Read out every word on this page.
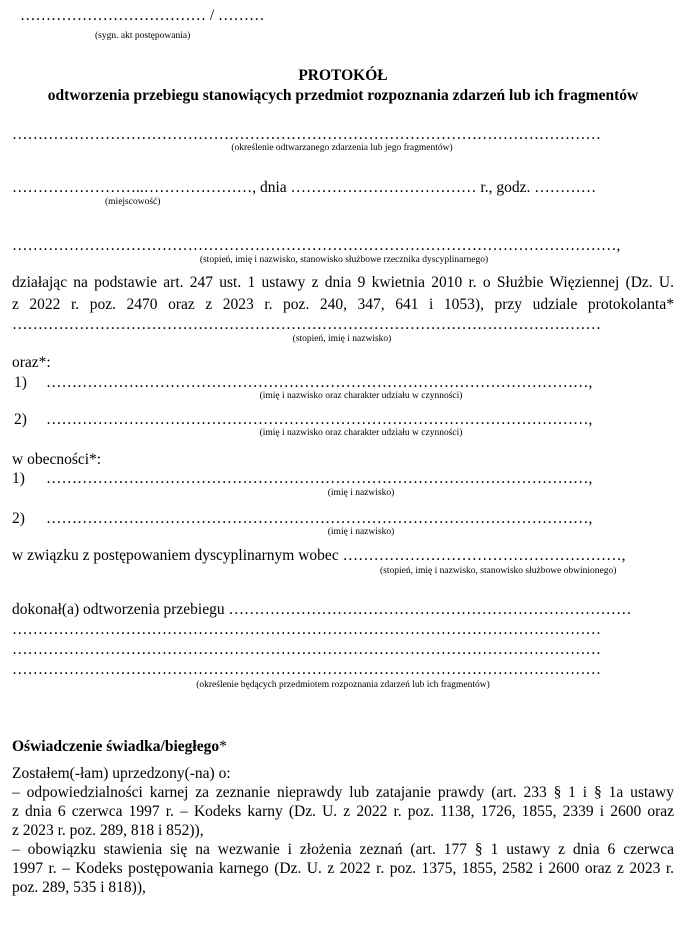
……………………………… / ………
(sygn. akt postępowania)
PROTOKÓŁ
odtworzenia przebiegu stanowiących przedmiot rozpoznania zdarzeń lub ich fragmentów
……………………………………………………………………………………………………
(określenie odtwarzanego zdarzenia lub jego fragmentów)
……………………..…………………, dnia ……………………………… r., godz. …………
(miejscowość)
………………………………………………………………………………………………………,
(stopień, imię i nazwisko, stanowisko służbowe rzecznika dyscyplinarnego)
działając na podstawie art. 247 ust. 1 ustawy z dnia 9 kwietnia 2010 r. o Służbie Więziennej (Dz. U.
z 2022 r. poz. 2470 oraz z 2023 r. poz. 240, 347, 641 i 1053), przy udziale protokolanta*
……………………………………………………………………………………………………
(stopień, imię i nazwisko)
oraz*:
1) ……………………………………………………………………………………………,
(imię i nazwisko oraz charakter udziału w czynności)
2) ……………………………………………………………………………………………,
(imię i nazwisko oraz charakter udziału w czynności)
w obecności*:
1) ……………………………………………………………………………………………,
(imię i nazwisko)
2) ……………………………………………………………………………………………,
(imię i nazwisko)
w związku z postępowaniem dyscyplinarnym wobec ………………………………………………,
(stopień, imię i nazwisko, stanowisko służbowe obwinionego)
dokonał(a) odtworzenia przebiegu ……………………………………………………………………
……………………………………………………………………………………………………
……………………………………………………………………………………………………
……………………………………………………………………………………………………
(określenie będących przedmiotem rozpoznania zdarzeń lub ich fragmentów)
Oświadczenie świadka/biegłego*
Zostałem(-łam) uprzedzony(-na) o:
– odpowiedzialności karnej za zeznanie nieprawdy lub zatajanie prawdy (art. 233 § 1 i § 1a ustawy
z dnia 6 czerwca 1997 r. – Kodeks karny (Dz. U. z 2022 r. poz. 1138, 1726, 1855, 2339 i 2600 oraz
z 2023 r. poz. 289, 818 i 852)),
– obowiązku stawienia się na wezwanie i złożenia zeznań (art. 177 § 1 ustawy z dnia 6 czerwca
1997 r. – Kodeks postępowania karnego (Dz. U. z 2022 r. poz. 1375, 1855, 2582 i 2600 oraz z 2023 r.
poz. 289, 535 i 818)),
